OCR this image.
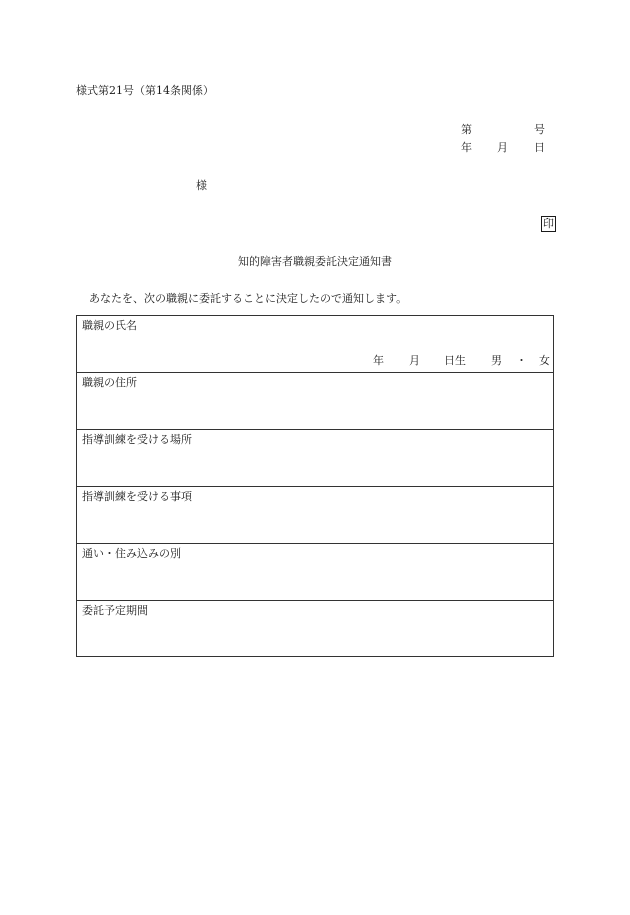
様式第21号（第14条関係）
第	号
年 月 日
様
印
知的障害者職親委託決定通知書
あなたを、次の職親に委託することに決定したので通知します。
職親の氏名
年 月 日生 男 ・ 女
職親の住所
指導訓練を受ける場所
指導訓練を受ける事項
通い・住み込みの別
委託予定期間
